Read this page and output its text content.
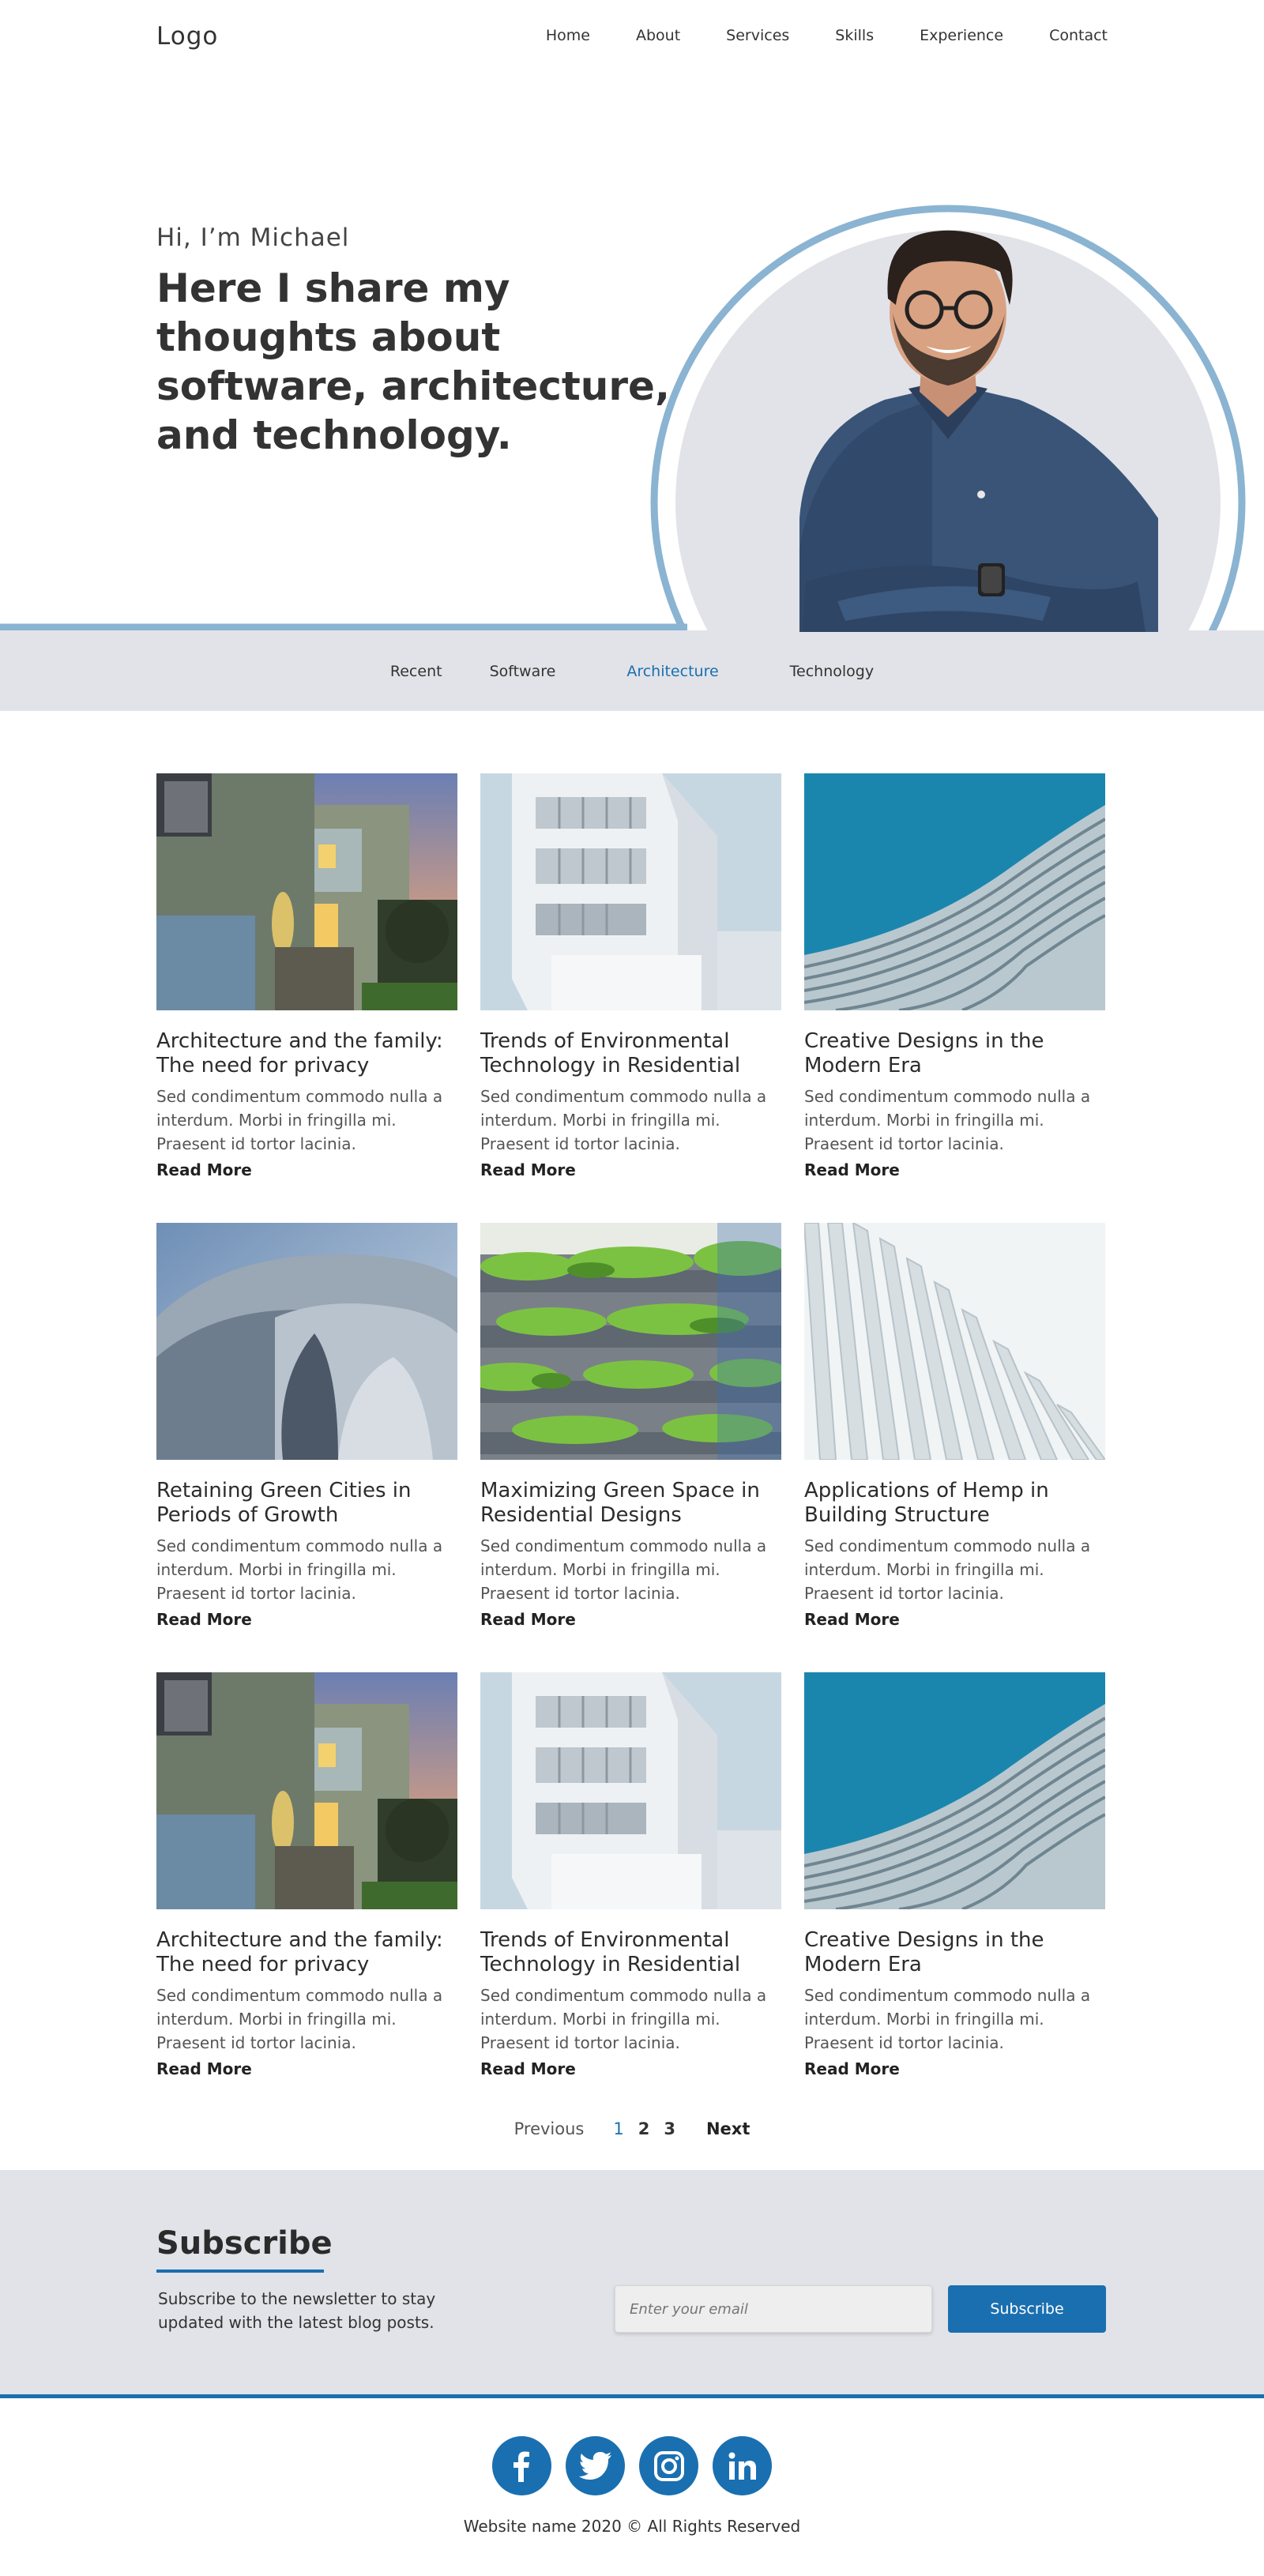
Logo	Home	About	Services	Skills	Experience	Contact
Hi, I’m Michael
Here I share my thoughts about software, architecture, and technology.
Recent	Software	Architecture	Technology
Architecture and the family: The need for privacy
Sed condimentum commodo nulla a interdum. Morbi in fringilla mi. Praesent id tortor lacinia.
Read More
Trends of Environmental Technology in Residential
Sed condimentum commodo nulla a interdum. Morbi in fringilla mi. Praesent id tortor lacinia.
Read More
Creative Designs in the Modern Era
Sed condimentum commodo nulla a interdum. Morbi in fringilla mi. Praesent id tortor lacinia.
Read More
Retaining Green Cities in Periods of Growth
Sed condimentum commodo nulla a interdum. Morbi in fringilla mi. Praesent id tortor lacinia.
Read More
Maximizing Green Space in Residential Designs
Sed condimentum commodo nulla a interdum. Morbi in fringilla mi. Praesent id tortor lacinia.
Read More
Applications of Hemp in Building Structure
Sed condimentum commodo nulla a interdum. Morbi in fringilla mi. Praesent id tortor lacinia.
Read More
Architecture and the family: The need for privacy
Sed condimentum commodo nulla a interdum. Morbi in fringilla mi. Praesent id tortor lacinia.
Read More
Trends of Environmental Technology in Residential
Sed condimentum commodo nulla a interdum. Morbi in fringilla mi. Praesent id tortor lacinia.
Read More
Creative Designs in the Modern Era
Sed condimentum commodo nulla a interdum. Morbi in fringilla mi. Praesent id tortor lacinia.
Read More
Previous 1 2 3 Next
Subscribe

Subscribe to the newsletter to stay updated with the latest blog posts.

Enter your email
Subscribe
Website name 2020 © All Rights Reserved
